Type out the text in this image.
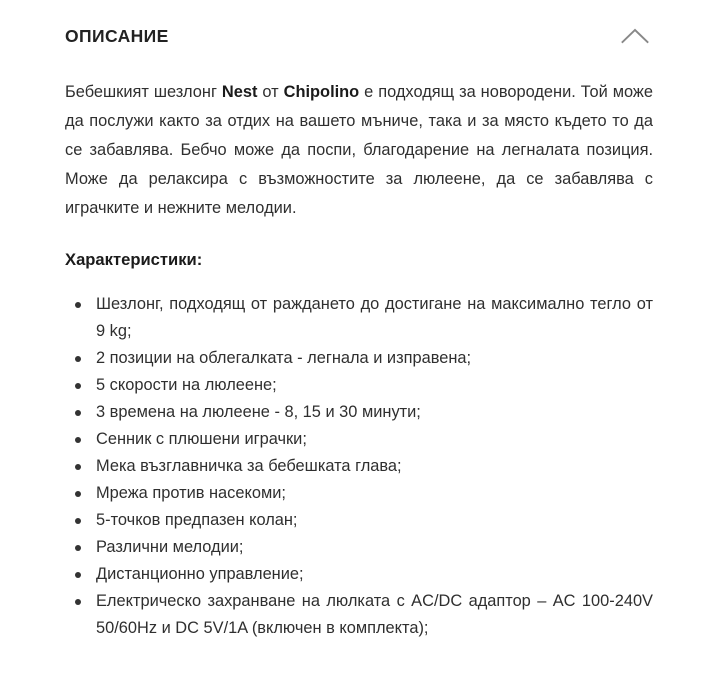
ОПИСАНИЕ

Бебешкият шезлонг Nest от Chipolino е подходящ за новородени. Той може да послужи както за отдих на вашето мъниче, така и за място където то да се забавлява. Бебчо може да поспи, благодарение на легналата позиция. Може да релаксира с възможностите за люлеене, да се забавлява с играчките и нежните мелодии.

Характеристики:
Шезлонг, подходящ от раждането до достигане на максимално тегло от 9 kg;
2 позиции на облегалката - легнала и изправена;
5 скорости на люлеене;
3 времена на люлеене - 8, 15 и 30 минути;
Сенник с плюшени играчки;
Мека възглавничка за бебешката глава;
Мрежа против насекоми;
5-точков предпазен колан;
Различни мелодии;
Дистанционно управление;
Електрическо захранване на люлката с AC/DC адаптор – AC 100-240V 50/60Hz и DC 5V/1A (включен в комплекта);
